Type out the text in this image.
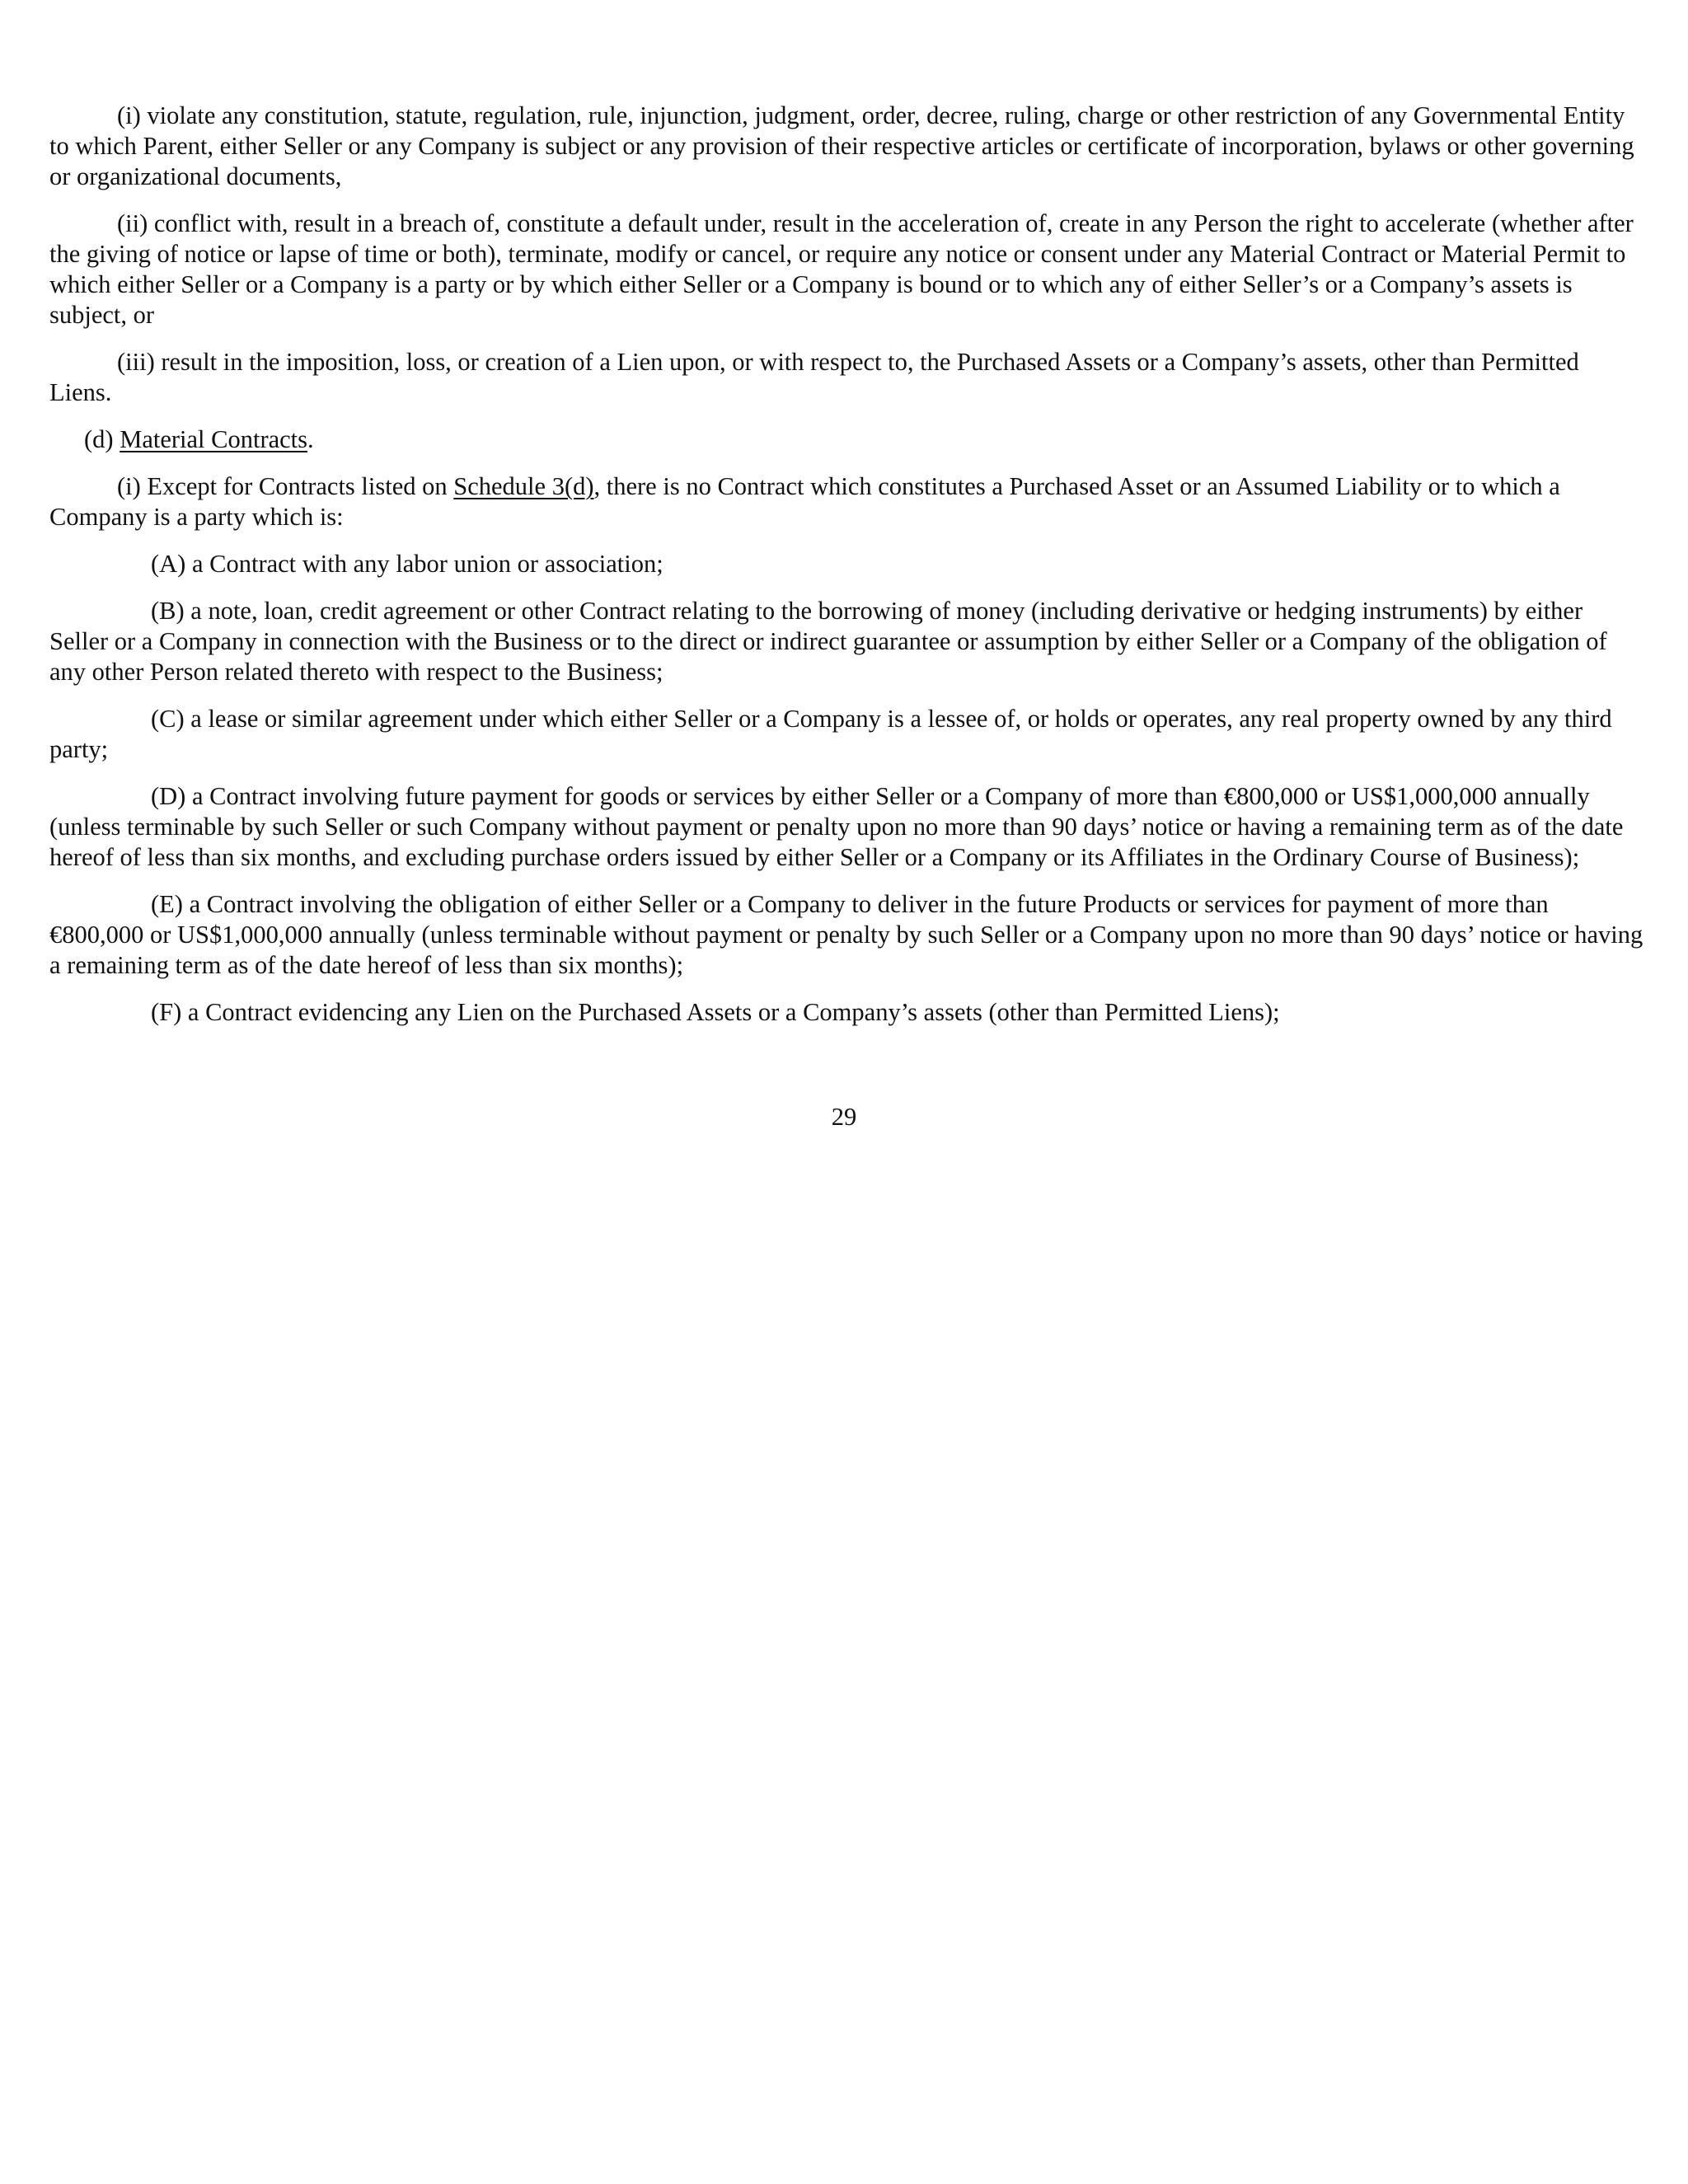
(i) violate any constitution, statute, regulation, rule, injunction, judgment, order, decree, ruling, charge or other restriction of any Governmental Entity to which Parent, either Seller or any Company is subject or any provision of their respective articles or certificate of incorporation, bylaws or other governing or organizational documents,

(ii) conflict with, result in a breach of, constitute a default under, result in the acceleration of, create in any Person the right to accelerate (whether after the giving of notice or lapse of time or both), terminate, modify or cancel, or require any notice or consent under any Material Contract or Material Permit to which either Seller or a Company is a party or by which either Seller or a Company is bound or to which any of either Seller’s or a Company’s assets is subject, or

(iii) result in the imposition, loss, or creation of a Lien upon, or with respect to, the Purchased Assets or a Company’s assets, other than Permitted Liens.

(d) Material Contracts.

(i) Except for Contracts listed on Schedule 3(d), there is no Contract which constitutes a Purchased Asset or an Assumed Liability or to which a Company is a party which is:

(A) a Contract with any labor union or association;

(B) a note, loan, credit agreement or other Contract relating to the borrowing of money (including derivative or hedging instruments) by either Seller or a Company in connection with the Business or to the direct or indirect guarantee or assumption by either Seller or a Company of the obligation of any other Person related thereto with respect to the Business;

(C) a lease or similar agreement under which either Seller or a Company is a lessee of, or holds or operates, any real property owned by any third party;

(D) a Contract involving future payment for goods or services by either Seller or a Company of more than €800,000 or US$1,000,000 annually (unless terminable by such Seller or such Company without payment or penalty upon no more than 90 days’ notice or having a remaining term as of the date hereof of less than six months, and excluding purchase orders issued by either Seller or a Company or its Affiliates in the Ordinary Course of Business);

(E) a Contract involving the obligation of either Seller or a Company to deliver in the future Products or services for payment of more than €800,000 or US$1,000,000 annually (unless terminable without payment or penalty by such Seller or a Company upon no more than 90 days’ notice or having a remaining term as of the date hereof of less than six months);

(F) a Contract evidencing any Lien on the Purchased Assets or a Company’s assets (other than Permitted Liens);

29
